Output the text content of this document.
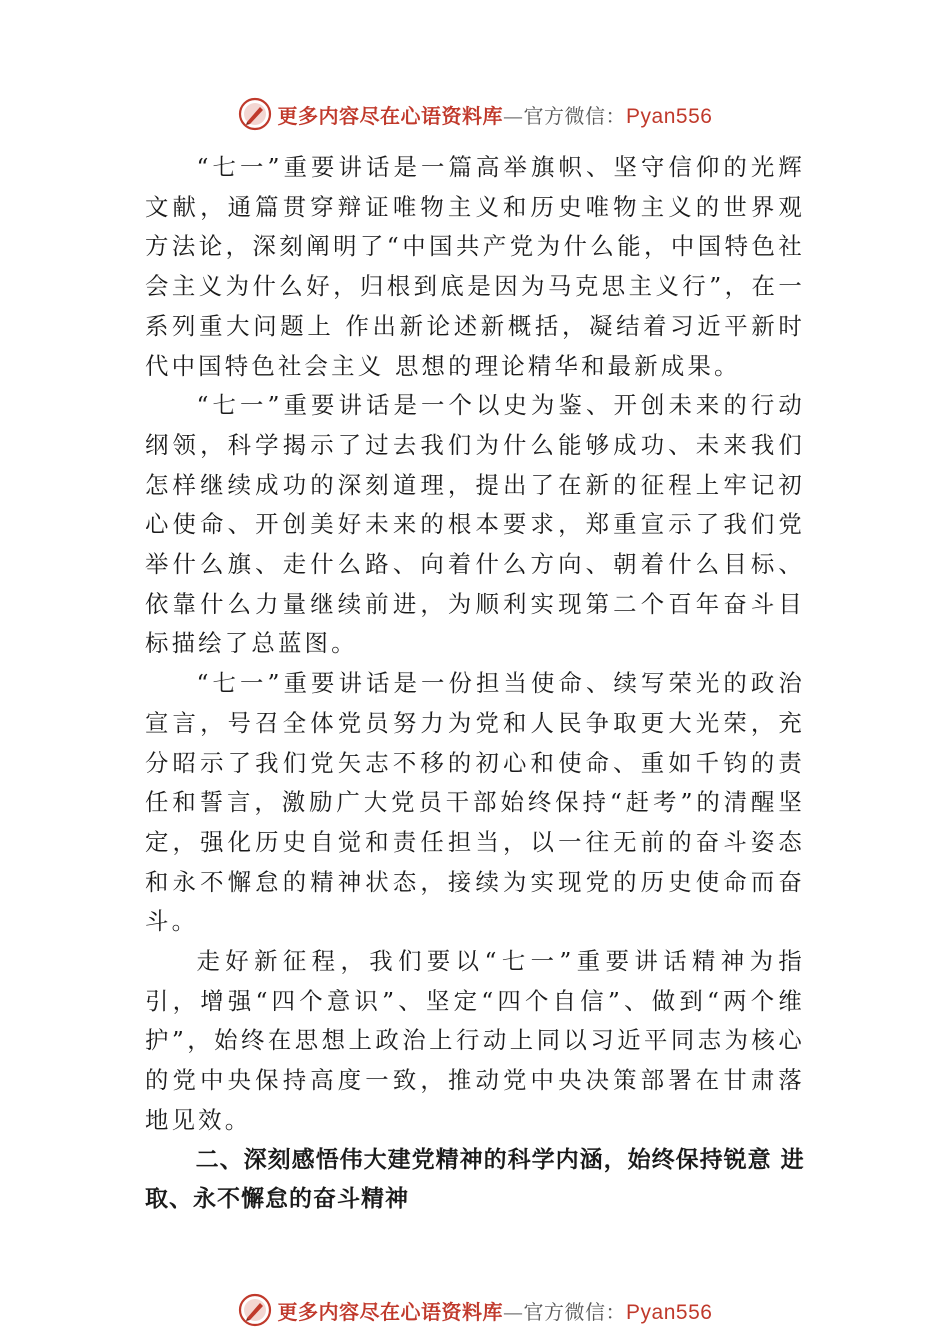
更多内容尽在心语资料库—官方微信：Pyan556

“七一”重要讲话是一篇高举旗帜、坚守信仰的光辉文献，通篇贯穿辩证唯物主义和历史唯物主义的世界观方法论，深刻阐明了“中国共产党为什么能，中国特色社会主义为什么好，归根到底是因为马克思主义行”，在一系列重大问题上 作出新论述新概括，凝结着习近平新时代中国特色社会主义 思想的理论精华和最新成果。

“七一”重要讲话是一个以史为鉴、开创未来的行动纲领，科学揭示了过去我们为什么能够成功、未来我们怎样继续成功的深刻道理，提出了在新的征程上牢记初心使命、开创美好未来的根本要求，郑重宣示了我们党举什么旗、走什么路、向着什么方向、朝着什么目标、依靠什么力量继续前进，为顺利实现第二个百年奋斗目标描绘了总蓝图。

“七一”重要讲话是一份担当使命、续写荣光的政治宣言，号召全体党员努力为党和人民争取更大光荣，充分昭示了我们党矢志不移的初心和使命、重如千钧的责任和誓言，激励广大党员干部始终保持“赶考”的清醒坚定，强化历史自觉和责任担当，以一往无前的奋斗姿态和永不懈怠的精神状态，接续为实现党的历史使命而奋斗。

走好新征程，我们要以“七一”重要讲话精神为指引，增强“四个意识”、坚定“四个自信”、做到“两个维护”，始终在思想上政治上行动上同以习近平同志为核心的党中央保持高度一致，推动党中央决策部署在甘肃落地见效。

二、深刻感悟伟大建党精神的科学内涵，始终保持锐意 进取、永不懈怠的奋斗精神

更多内容尽在心语资料库—官方微信：Pyan556
